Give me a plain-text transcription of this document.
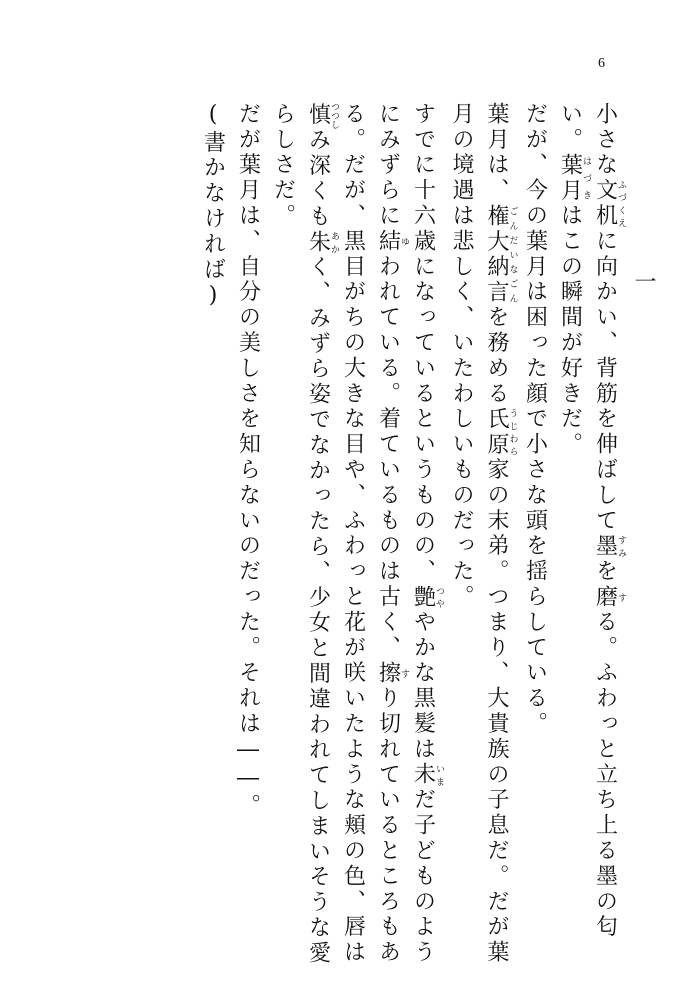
6

一

小さな文机ふづくえに向かい、背筋を伸ばして墨すみを磨する。ふわっと立ち上る墨の匂い。葉月はづきはこの瞬間が好きだ。

だが、今の葉月は困った顔で小さな頭を揺らしている。

葉月は、権大納言ごんだいなごんを務める氏原うじわら家の末弟。つまり、大貴族の子息だ。だが葉月の境遇は悲しく、いたわしいものだった。

すでに十六歳になっているというものの、艶つややかな黒髪は未いまだ子どものようにみずらに結ゆわれている。着ているものは古く、擦すり切れているところもある。だが、黒目がちの大きな目や、ふわっと花が咲いたような頬の色、唇は慎つつしみ深くも朱あかく、みずら姿でなかったら、少女と間違われてしまいそうな愛らしさだ。

だが葉月は、自分の美しさを知らないのだった。それは――。

(書かなければ)
